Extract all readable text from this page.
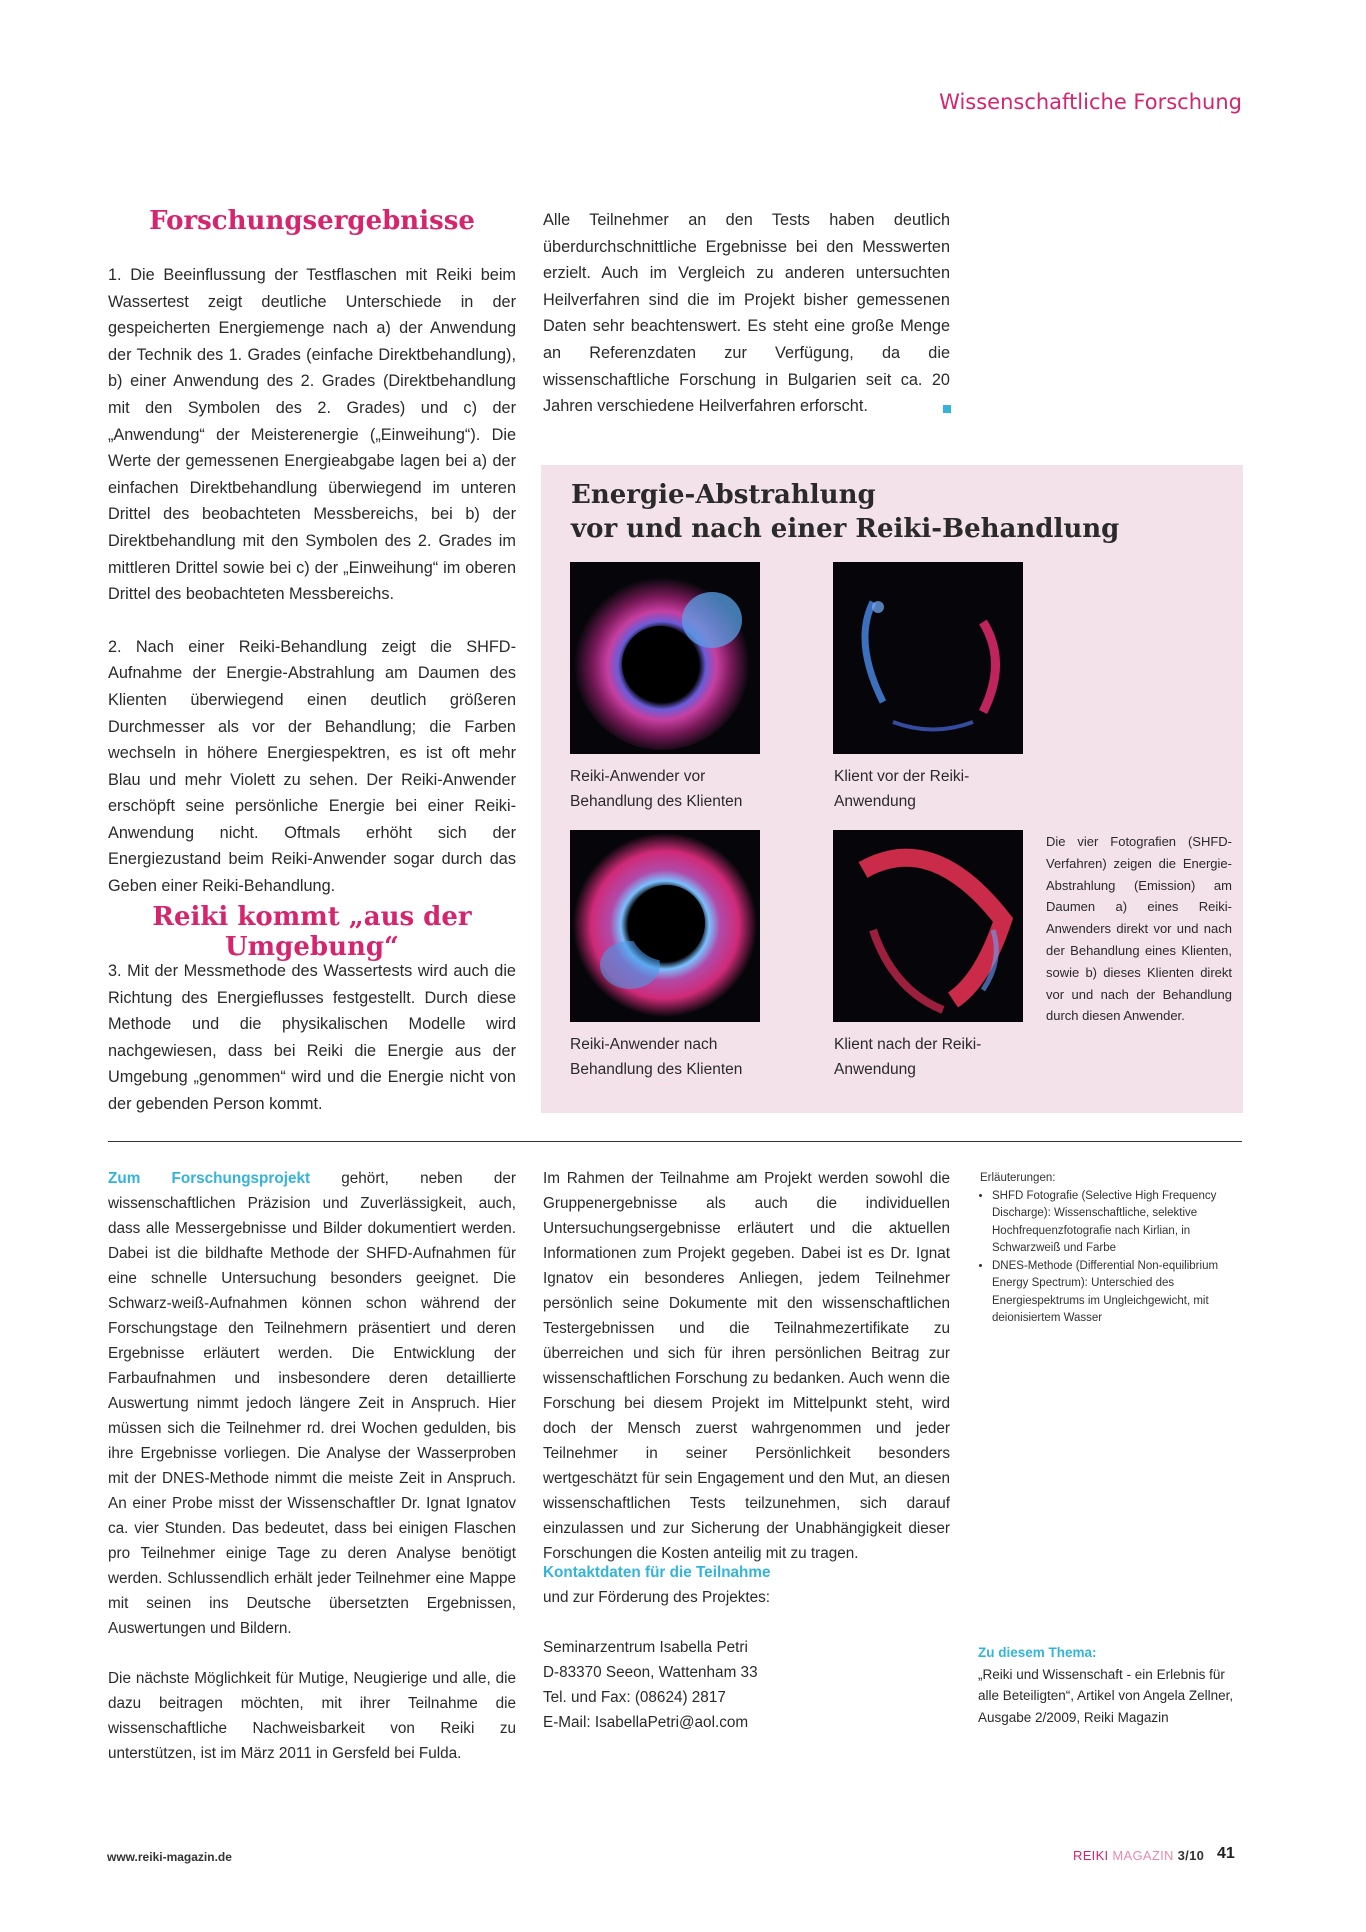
Wissenschaftliche Forschung
Forschungsergebnisse

1. Die Beeinflussung der Testflaschen mit Reiki beim Wassertest zeigt deutliche Unterschiede in der gespeicherten Energiemenge nach a) der Anwendung der Technik des 1. Grades (einfache Direktbehandlung), b) einer Anwendung des 2. Grades (Direktbehandlung mit den Symbolen des 2. Grades) und c) der „Anwendung“ der Meisterenergie („Einweihung“). Die Werte der gemessenen Energieabgabe lagen bei a) der einfachen Direktbehandlung überwiegend im unteren Drittel des beobachteten Messbereichs, bei b) der Direktbehandlung mit den Symbolen des 2. Grades im mittleren Drittel sowie bei c) der „Einweihung“ im oberen Drittel des beobachteten Messbereichs.

2. Nach einer Reiki-Behandlung zeigt die SHFD-Aufnahme der Energie-Abstrahlung am Daumen des Klienten überwiegend einen deutlich größeren Durchmesser als vor der Behandlung; die Farben wechseln in höhere Energiespektren, es ist oft mehr Blau und mehr Violett zu sehen. Der Reiki-Anwender erschöpft seine persönliche Energie bei einer Reiki-Anwendung nicht. Oftmals erhöht sich der Energiezustand beim Reiki-Anwender sogar durch das Geben einer Reiki-Behandlung.

Reiki kommt „aus der Umgebung“

3. Mit der Messmethode des Wassertests wird auch die Richtung des Energieflusses festgestellt. Durch diese Methode und die physikalischen Modelle wird nachgewiesen, dass bei Reiki die Energie aus der Umgebung „genommen“ wird und die Energie nicht von der gebenden Person kommt.

Alle Teilnehmer an den Tests haben deutlich überdurchschnittliche Ergebnisse bei den Messwerten erzielt. Auch im Vergleich zu anderen untersuchten Heilverfahren sind die im Projekt bisher gemessenen Daten sehr beachtenswert. Es steht eine große Menge an Referenzdaten zur Verfügung, da die wissenschaftliche Forschung in Bulgarien seit ca. 20 Jahren verschiedene Heilverfahren erforscht.

Energie-Abstrahlung
vor und nach einer Reiki-Behandlung
Reiki-Anwender vor Behandlung des Klienten
Klient vor der Reiki-Anwendung
Reiki-Anwender nach Behandlung des Klienten
Klient nach der Reiki-Anwendung
Die vier Fotografien (SHFD-Verfahren) zeigen die Energie-Abstrahlung (Emission) am Daumen a) eines Reiki-Anwenders direkt vor und nach der Behandlung eines Klienten, sowie b) dieses Klienten direkt vor und nach der Behandlung durch diesen Anwender.

Zum Forschungsprojekt gehört, neben der wissenschaftlichen Präzision und Zuverlässigkeit, auch, dass alle Messergebnisse und Bilder dokumentiert werden. Dabei ist die bildhafte Methode der SHFD-Aufnahmen für eine schnelle Untersuchung besonders geeignet. Die Schwarz-weiß-Aufnahmen können schon während der Forschungstage den Teilnehmern präsentiert und deren Ergebnisse erläutert werden. Die Entwicklung der Farbaufnahmen und insbesondere deren detaillierte Auswertung nimmt jedoch längere Zeit in Anspruch. Hier müssen sich die Teilnehmer rd. drei Wochen gedulden, bis ihre Ergebnisse vorliegen. Die Analyse der Wasserproben mit der DNES-Methode nimmt die meiste Zeit in Anspruch. An einer Probe misst der Wissenschaftler Dr. Ignat Ignatov ca. vier Stunden. Das bedeutet, dass bei einigen Flaschen pro Teilnehmer einige Tage zu deren Analyse benötigt werden. Schlussendlich erhält jeder Teilnehmer eine Mappe mit seinen ins Deutsche übersetzten Ergebnissen, Auswertungen und Bildern.

Die nächste Möglichkeit für Mutige, Neugierige und alle, die dazu beitragen möchten, mit ihrer Teilnahme die wissenschaftliche Nachweisbarkeit von Reiki zu unterstützen, ist im März 2011 in Gersfeld bei Fulda.

Im Rahmen der Teilnahme am Projekt werden sowohl die Gruppenergebnisse als auch die individuellen Untersuchungsergebnisse erläutert und die aktuellen Informationen zum Projekt gegeben. Dabei ist es Dr. Ignat Ignatov ein besonderes Anliegen, jedem Teilnehmer persönlich seine Dokumente mit den wissenschaftlichen Testergebnissen und die Teilnahmezertifikate zu überreichen und sich für ihren persönlichen Beitrag zur wissenschaftlichen Forschung zu bedanken. Auch wenn die Forschung bei diesem Projekt im Mittelpunkt steht, wird doch der Mensch zuerst wahrgenommen und jeder Teilnehmer in seiner Persönlichkeit besonders wertgeschätzt für sein Engagement und den Mut, an diesen wissenschaftlichen Tests teilzunehmen, sich darauf einzulassen und zur Sicherung der Unabhängigkeit dieser Forschungen die Kosten anteilig mit zu tragen.

Kontaktdaten für die Teilnahme
und zur Förderung des Projektes:
Seminarzentrum Isabella Petri
D-83370 Seeon, Wattenham 33
Tel. und Fax: (08624) 2817
E-Mail: IsabellaPetri@aol.com
Erläuterungen:
• SHFD Fotografie (Selective High Frequency Discharge): Wissenschaftliche, selektive Hochfrequenzfotografie nach Kirlian, in Schwarzweiß und Farbe
• DNES-Methode (Differential Non-equilibrium Energy Spectrum): Unterschied des Energiespektrums im Ungleichgewicht, mit deionisiertem Wasser
Zu diesem Thema:
„Reiki und Wissenschaft - ein Erlebnis für alle Beteiligten“, Artikel von Angela Zellner, Ausgabe 2/2009, Reiki Magazin
www.reiki-magazin.de	REIKI MAGAZIN 3/10 41
